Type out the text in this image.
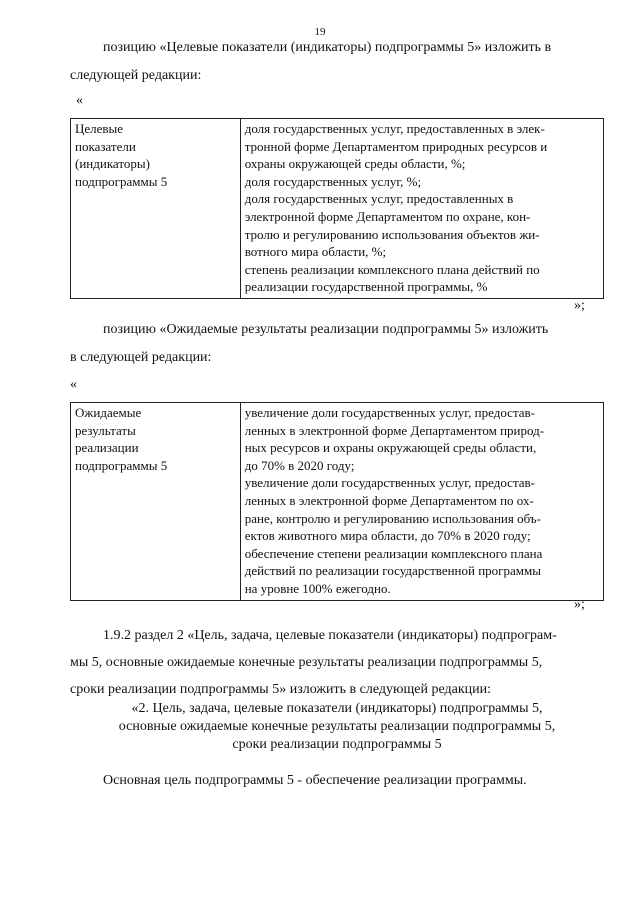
19
позицию «Целевые показатели (индикаторы) подпрограммы 5» изложить в
следующей редакции:
«
Целевые
показатели
(индикаторы)
подпрограммы 5

доля государственных услуг, предоставленных в элек-
тронной форме Департаментом природных ресурсов и
охраны окружающей среды области, %;
доля государственных услуг, %;
доля государственных услуг, предоставленных в
электронной форме Департаментом по охране, кон-
тролю и регулированию использования объектов жи-
вотного мира области, %;
степень реализации комплексного плана действий по
реализации государственной программы, %
»;
позицию «Ожидаемые результаты реализации подпрограммы 5» изложить
в следующей редакции:
«
Ожидаемые
результаты
реализации
подпрограммы 5

увеличение доли государственных услуг, предостав-
ленных в электронной форме Департаментом природ-
ных ресурсов и охраны окружающей среды области,
до 70% в 2020 году;
увеличение доли государственных услуг, предостав-
ленных в электронной форме Департаментом по ох-
ране, контролю и регулированию использования объ-
ектов животного мира области, до 70% в 2020 году;
обеспечение степени реализации комплексного плана
действий по реализации государственной программы
на уровне 100% ежегодно.
»;
1.9.2 раздел 2 «Цель, задача, целевые показатели (индикаторы) подпрограм-
мы 5, основные ожидаемые конечные результаты реализации подпрограммы 5,
сроки реализации подпрограммы 5» изложить в следующей редакции:
«2. Цель, задача, целевые показатели (индикаторы) подпрограммы 5,
основные ожидаемые конечные результаты реализации подпрограммы 5,
сроки реализации подпрограммы 5
Основная цель подпрограммы 5 - обеспечение реализации программы.
